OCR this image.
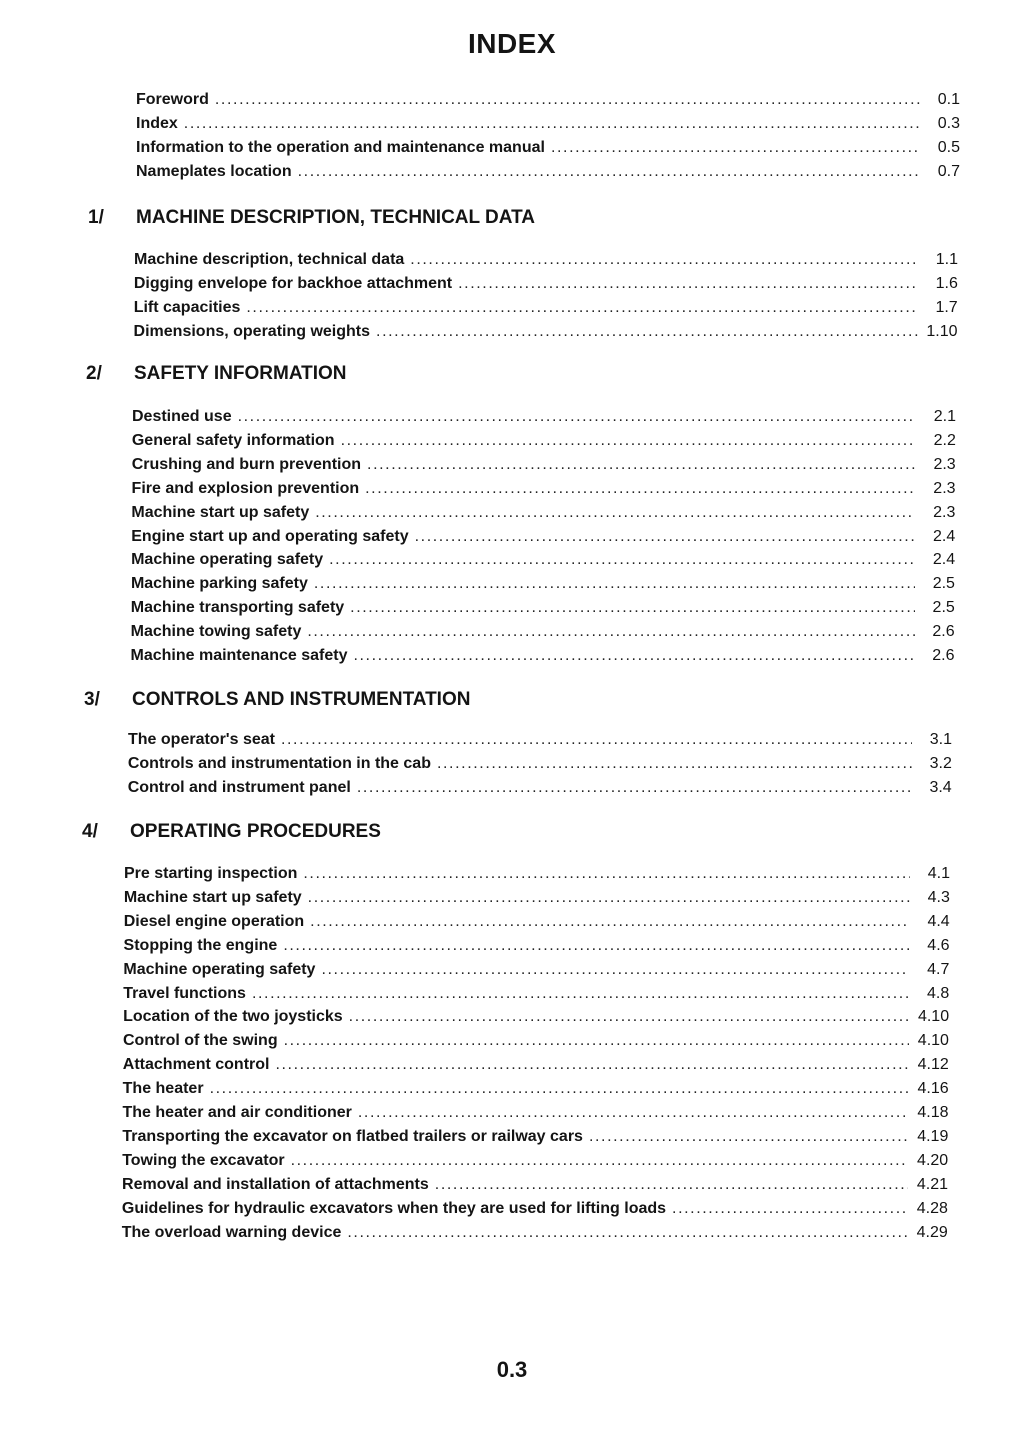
INDEX
Foreword .....	0.1
Index .....	0.3
Information to the operation and maintenance manual .....	0.5
Nameplates location .....	0.7
1/ MACHINE DESCRIPTION, TECHNICAL DATA
Machine description, technical data .....	1.1
Digging envelope for backhoe attachment .....	1.6
Lift capacities .....	1.7
Dimensions, operating weights .....	1.10
2/ SAFETY INFORMATION
Destined use .....	2.1
General safety information .....	2.2
Crushing and burn prevention .....	2.3
Fire and explosion prevention .....	2.3
Machine start up safety .....	2.3
Engine start up and operating safety .....	2.4
Machine operating safety .....	2.4
Machine parking safety .....	2.5
Machine transporting safety .....	2.5
Machine towing safety .....	2.6
Machine maintenance safety .....	2.6
3/ CONTROLS AND INSTRUMENTATION
The operator's seat .....	3.1
Controls and instrumentation in the cab .....	3.2
Control and instrument panel .....	3.4
4/ OPERATING PROCEDURES
Pre starting inspection .....	4.1
Machine start up safety .....	4.3
Diesel engine operation .....	4.4
Stopping the engine .....	4.6
Machine operating safety .....	4.7
Travel functions .....	4.8
Location of the two joysticks .....	4.10
Control of the swing .....	4.10
Attachment control .....	4.12
The heater .....	4.16
The heater and air conditioner .....	4.18
Transporting the excavator on flatbed trailers or railway cars .....	4.19
Towing the excavator .....	4.20
Removal and installation of attachments .....	4.21
Guidelines for hydraulic excavators when they are used for lifting loads .....	4.28
The overload warning device .....	4.29
0.3
